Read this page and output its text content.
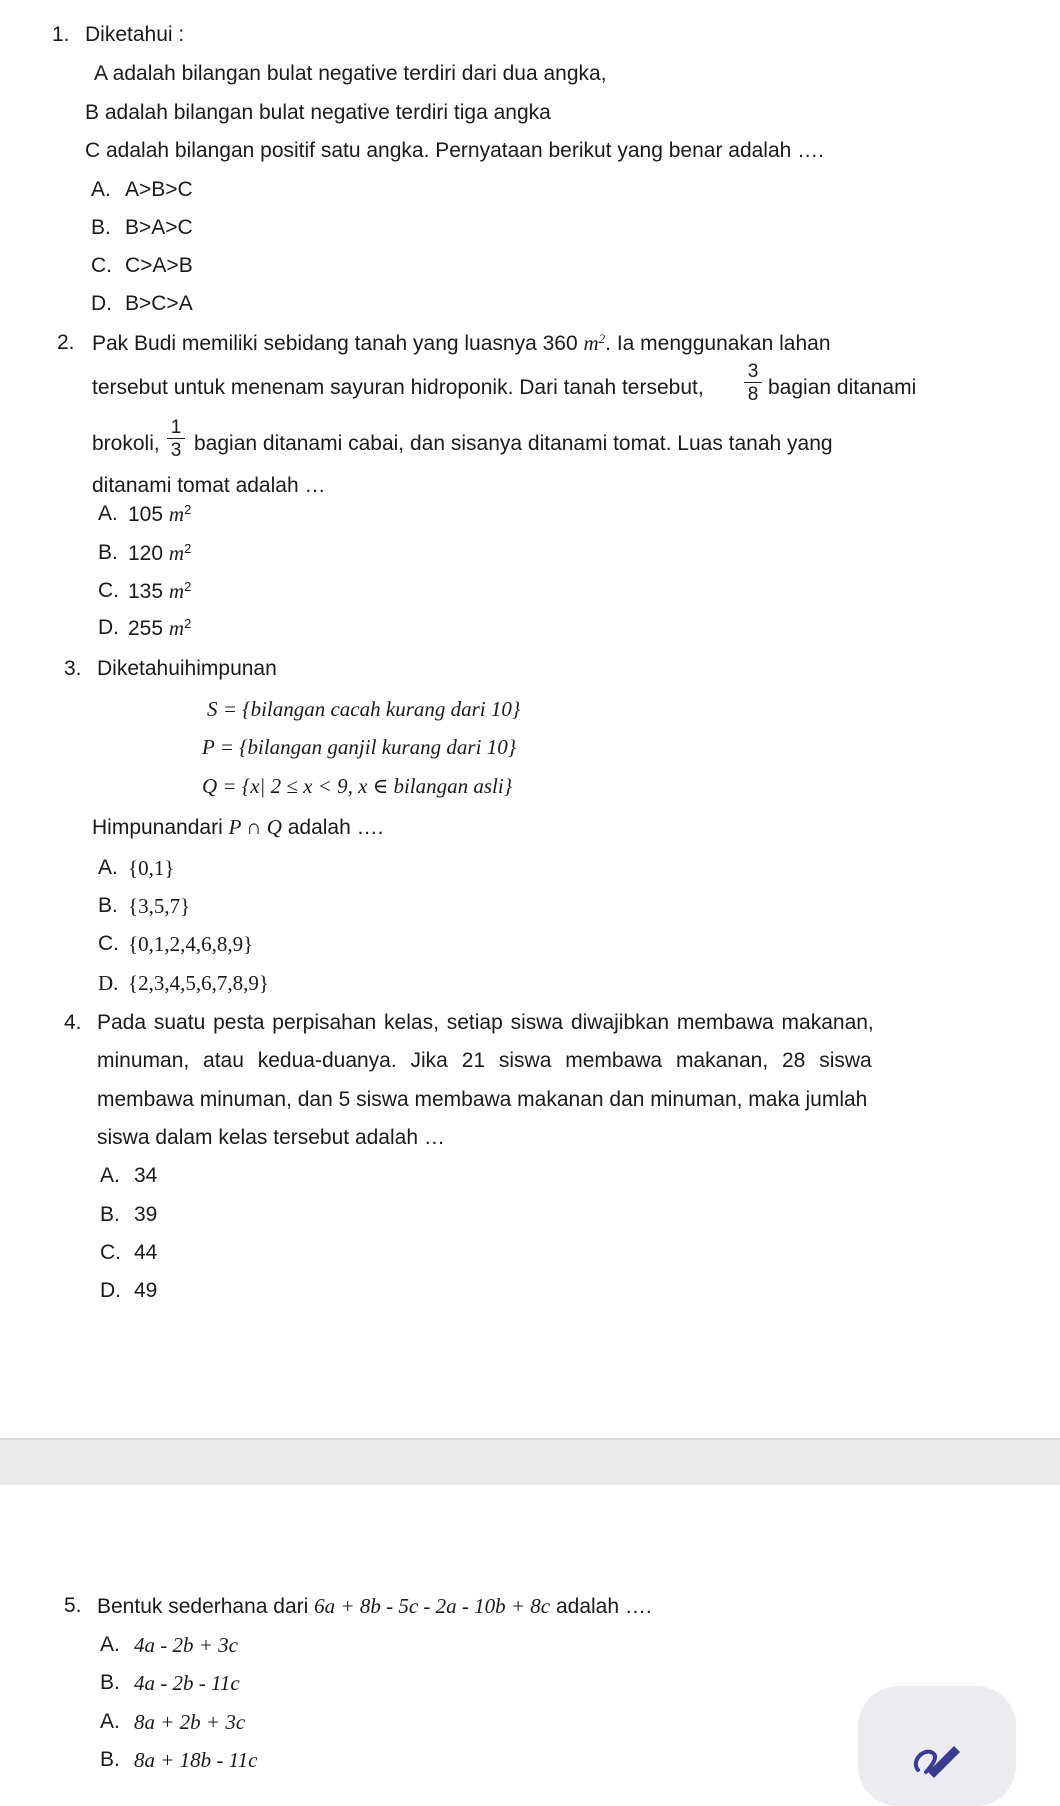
1. Diketahui :
A adalah bilangan bulat negative terdiri dari dua angka,
B adalah bilangan bulat negative terdiri tiga angka
C adalah bilangan positif satu angka. Pernyataan berikut yang benar adalah ….
A. A>B>C
B. B>A>C
C. C>A>B
D. B>C>A
2. Pak Budi memiliki sebidang tanah yang luasnya 360 $m^2$. Ia menggunakan lahan
tersebut untuk menenam sayuran hidroponik. Dari tanah tersebut,
3
8 bagian ditanami
brokoli,
1
3 bagian ditanami cabai, dan sisanya ditanami tomat. Luas tanah yang
ditanami tomat adalah …
A. 105 $m^2$
B. 120 $m^2$
C. 135 $m^2$
D. 255 $m^2$
3. Diketahuihimpunan
S = {bilangan cacah kurang dari 10}
P = {bilangan ganjil kurang dari 10}
Q = {x| 2 ≤ x < 9, x ∈ bilangan asli}
Himpunandari P ∩ Q adalah ….
A. {0,1}
B. {3,5,7}
C. {0,1,2,4,6,8,9}
D. {2,3,4,5,6,7,8,9}
4. Pada suatu pesta perpisahan kelas, setiap siswa diwajibkan membawa makanan,
minuman, atau kedua-duanya. Jika 21 siswa membawa makanan, 28 siswa
membawa minuman, dan 5 siswa membawa makanan dan minuman, maka jumlah
siswa dalam kelas tersebut adalah …
A. 34
B. 39
C. 44
D. 49
5. Bentuk sederhana dari 6a + 8b - 5c - 2a - 10b + 8c adalah ….
A. 4a - 2b + 3c
B. 4a - 2b - 11c
A. 8a + 2b + 3c
B. 8a + 18b - 11c
